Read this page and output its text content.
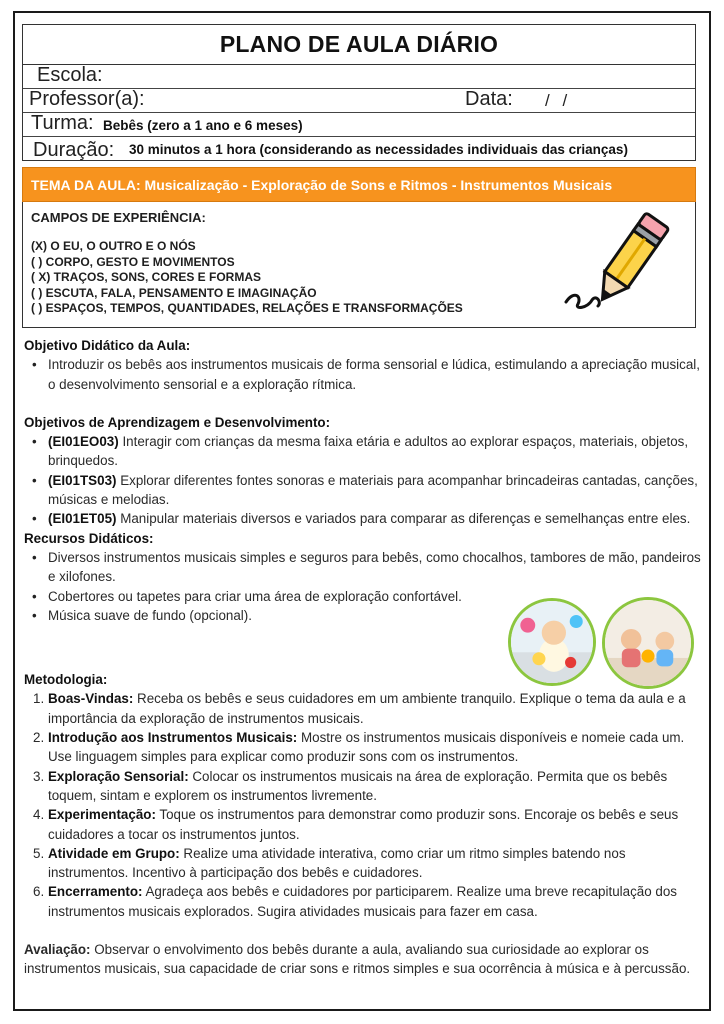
PLANO DE AULA DIÁRIO
Escola:
Professor(a):	Data: / /
Turma: Bebês (zero a 1 ano e 6 meses)
Duração: 30 minutos a 1 hora (considerando as necessidades individuais das crianças)
TEMA DA AULA: Musicalização - Exploração de Sons e Ritmos - Instrumentos Musicais
CAMPOS DE EXPERIÊNCIA:
(X) O EU, O OUTRO E O NÓS
( ) CORPO, GESTO E MOVIMENTOS
( X) TRAÇOS, SONS, CORES E FORMAS
( ) ESCUTA, FALA, PENSAMENTO E IMAGINAÇÃO
( ) ESPAÇOS, TEMPOS, QUANTIDADES, RELAÇÕES E TRANSFORMAÇÕES
Objetivo Didático da Aula:
• Introduzir os bebês aos instrumentos musicais de forma sensorial e lúdica, estimulando a apreciação musical, o desenvolvimento sensorial e a exploração rítmica.
Objetivos de Aprendizagem e Desenvolvimento:
• (EI01EO03) Interagir com crianças da mesma faixa etária e adultos ao explorar espaços, materiais, objetos, brinquedos.
• (EI01TS03) Explorar diferentes fontes sonoras e materiais para acompanhar brincadeiras cantadas, canções, músicas e melodias.
• (EI01ET05) Manipular materiais diversos e variados para comparar as diferenças e semelhanças entre eles.
Recursos Didáticos:
• Diversos instrumentos musicais simples e seguros para bebês, como chocalhos, tambores de mão, pandeiros e xilofones.
• Cobertores ou tapetes para criar uma área de exploração confortável.
• Música suave de fundo (opcional).
Metodologia:
1. Boas-Vindas: Receba os bebês e seus cuidadores em um ambiente tranquilo. Explique o tema da aula e a importância da exploração de instrumentos musicais.
2. Introdução aos Instrumentos Musicais: Mostre os instrumentos musicais disponíveis e nomeie cada um. Use linguagem simples para explicar como produzir sons com os instrumentos.
3. Exploração Sensorial: Colocar os instrumentos musicais na área de exploração. Permita que os bebês toquem, sintam e explorem os instrumentos livremente.
4. Experimentação: Toque os instrumentos para demonstrar como produzir sons. Encoraje os bebês e seus cuidadores a tocar os instrumentos juntos.
5. Atividade em Grupo: Realize uma atividade interativa, como criar um ritmo simples batendo nos instrumentos. Incentivo à participação dos bebês e cuidadores.
6. Encerramento: Agradeça aos bebês e cuidadores por participarem. Realize uma breve recapitulação dos instrumentos musicais explorados. Sugira atividades musicais para fazer em casa.

Avaliação: Observar o envolvimento dos bebês durante a aula, avaliando sua curiosidade ao explorar os instrumentos musicais, sua capacidade de criar sons e ritmos simples e sua ocorrência à música e à percussão.
